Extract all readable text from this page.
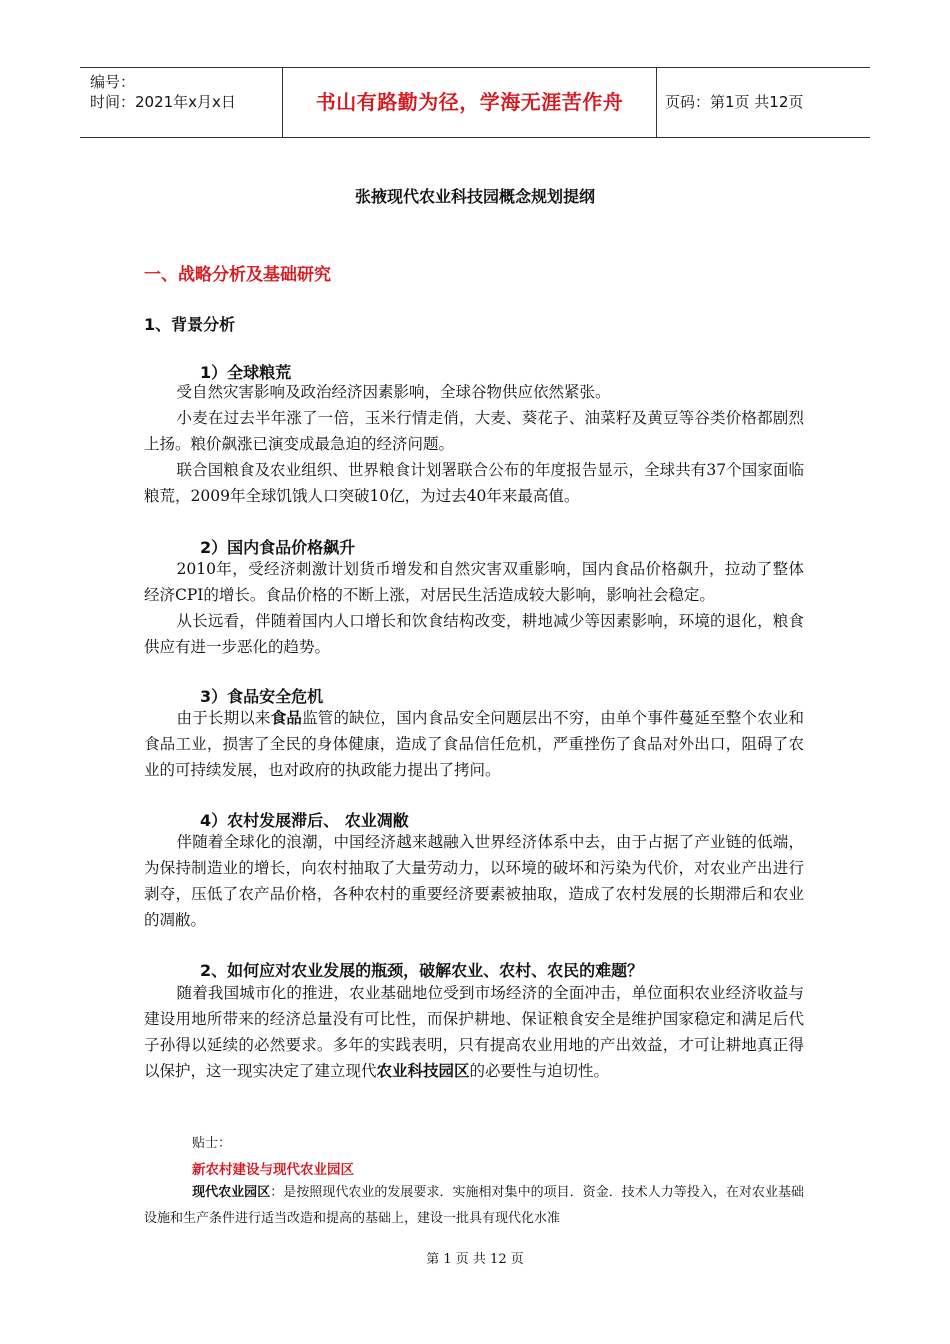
编号：
时间：2021年x月x日	书山有路勤为径，学海无涯苦作舟	页码：第1页 共12页
张掖现代农业科技园概念规划提纲
一、战略分析及基础研究
1、背景分析
1）全球粮荒
受自然灾害影响及政治经济因素影响，全球谷物供应依然紧张。
小麦在过去半年涨了一倍，玉米行情走俏，大麦、葵花子、油菜籽及黄豆等谷类价格都剧烈上扬。粮价飙涨已演变成最急迫的经济问题。
联合国粮食及农业组织、世界粮食计划署联合公布的年度报告显示，全球共有37个国家面临粮荒，2009年全球饥饿人口突破10亿，为过去40年来最高值。
2）国内食品价格飙升
2010年，受经济刺激计划货币增发和自然灾害双重影响，国内食品价格飙升，拉动了整体经济CPI的增长。食品价格的不断上涨，对居民生活造成较大影响，影响社会稳定。
从长远看，伴随着国内人口增长和饮食结构改变，耕地减少等因素影响，环境的退化，粮食供应有进一步恶化的趋势。
3）食品安全危机
由于长期以来食品监管的缺位，国内食品安全问题层出不穷，由单个事件蔓延至整个农业和食品工业，损害了全民的身体健康，造成了食品信任危机，严重挫伤了食品对外出口，阻碍了农业的可持续发展，也对政府的执政能力提出了拷问。
4）农村发展滞后、 农业凋敝
伴随着全球化的浪潮，中国经济越来越融入世界经济体系中去，由于占据了产业链的低端，为保持制造业的增长，向农村抽取了大量劳动力，以环境的破坏和污染为代价，对农业产出进行剥夺，压低了农产品价格，各种农村的重要经济要素被抽取，造成了农村发展的长期滞后和农业的凋敝。
2、如何应对农业发展的瓶颈，破解农业、农村、农民的难题？
随着我国城市化的推进，农业基础地位受到市场经济的全面冲击，单位面积农业经济收益与建设用地所带来的经济总量没有可比性，而保护耕地、保证粮食安全是维护国家稳定和满足后代子孙得以延续的必然要求。多年的实践表明，只有提高农业用地的产出效益，才可让耕地真正得以保护，这一现实决定了建立现代农业科技园区的必要性与迫切性。
贴士：
新农村建设与现代农业园区
现代农业园区：是按照现代农业的发展要求．实施相对集中的项目．资金．技术人力等投入，在对农业基础设施和生产条件进行适当改造和提高的基础上，建设一批具有现代化水准
第 1 页 共 12 页
